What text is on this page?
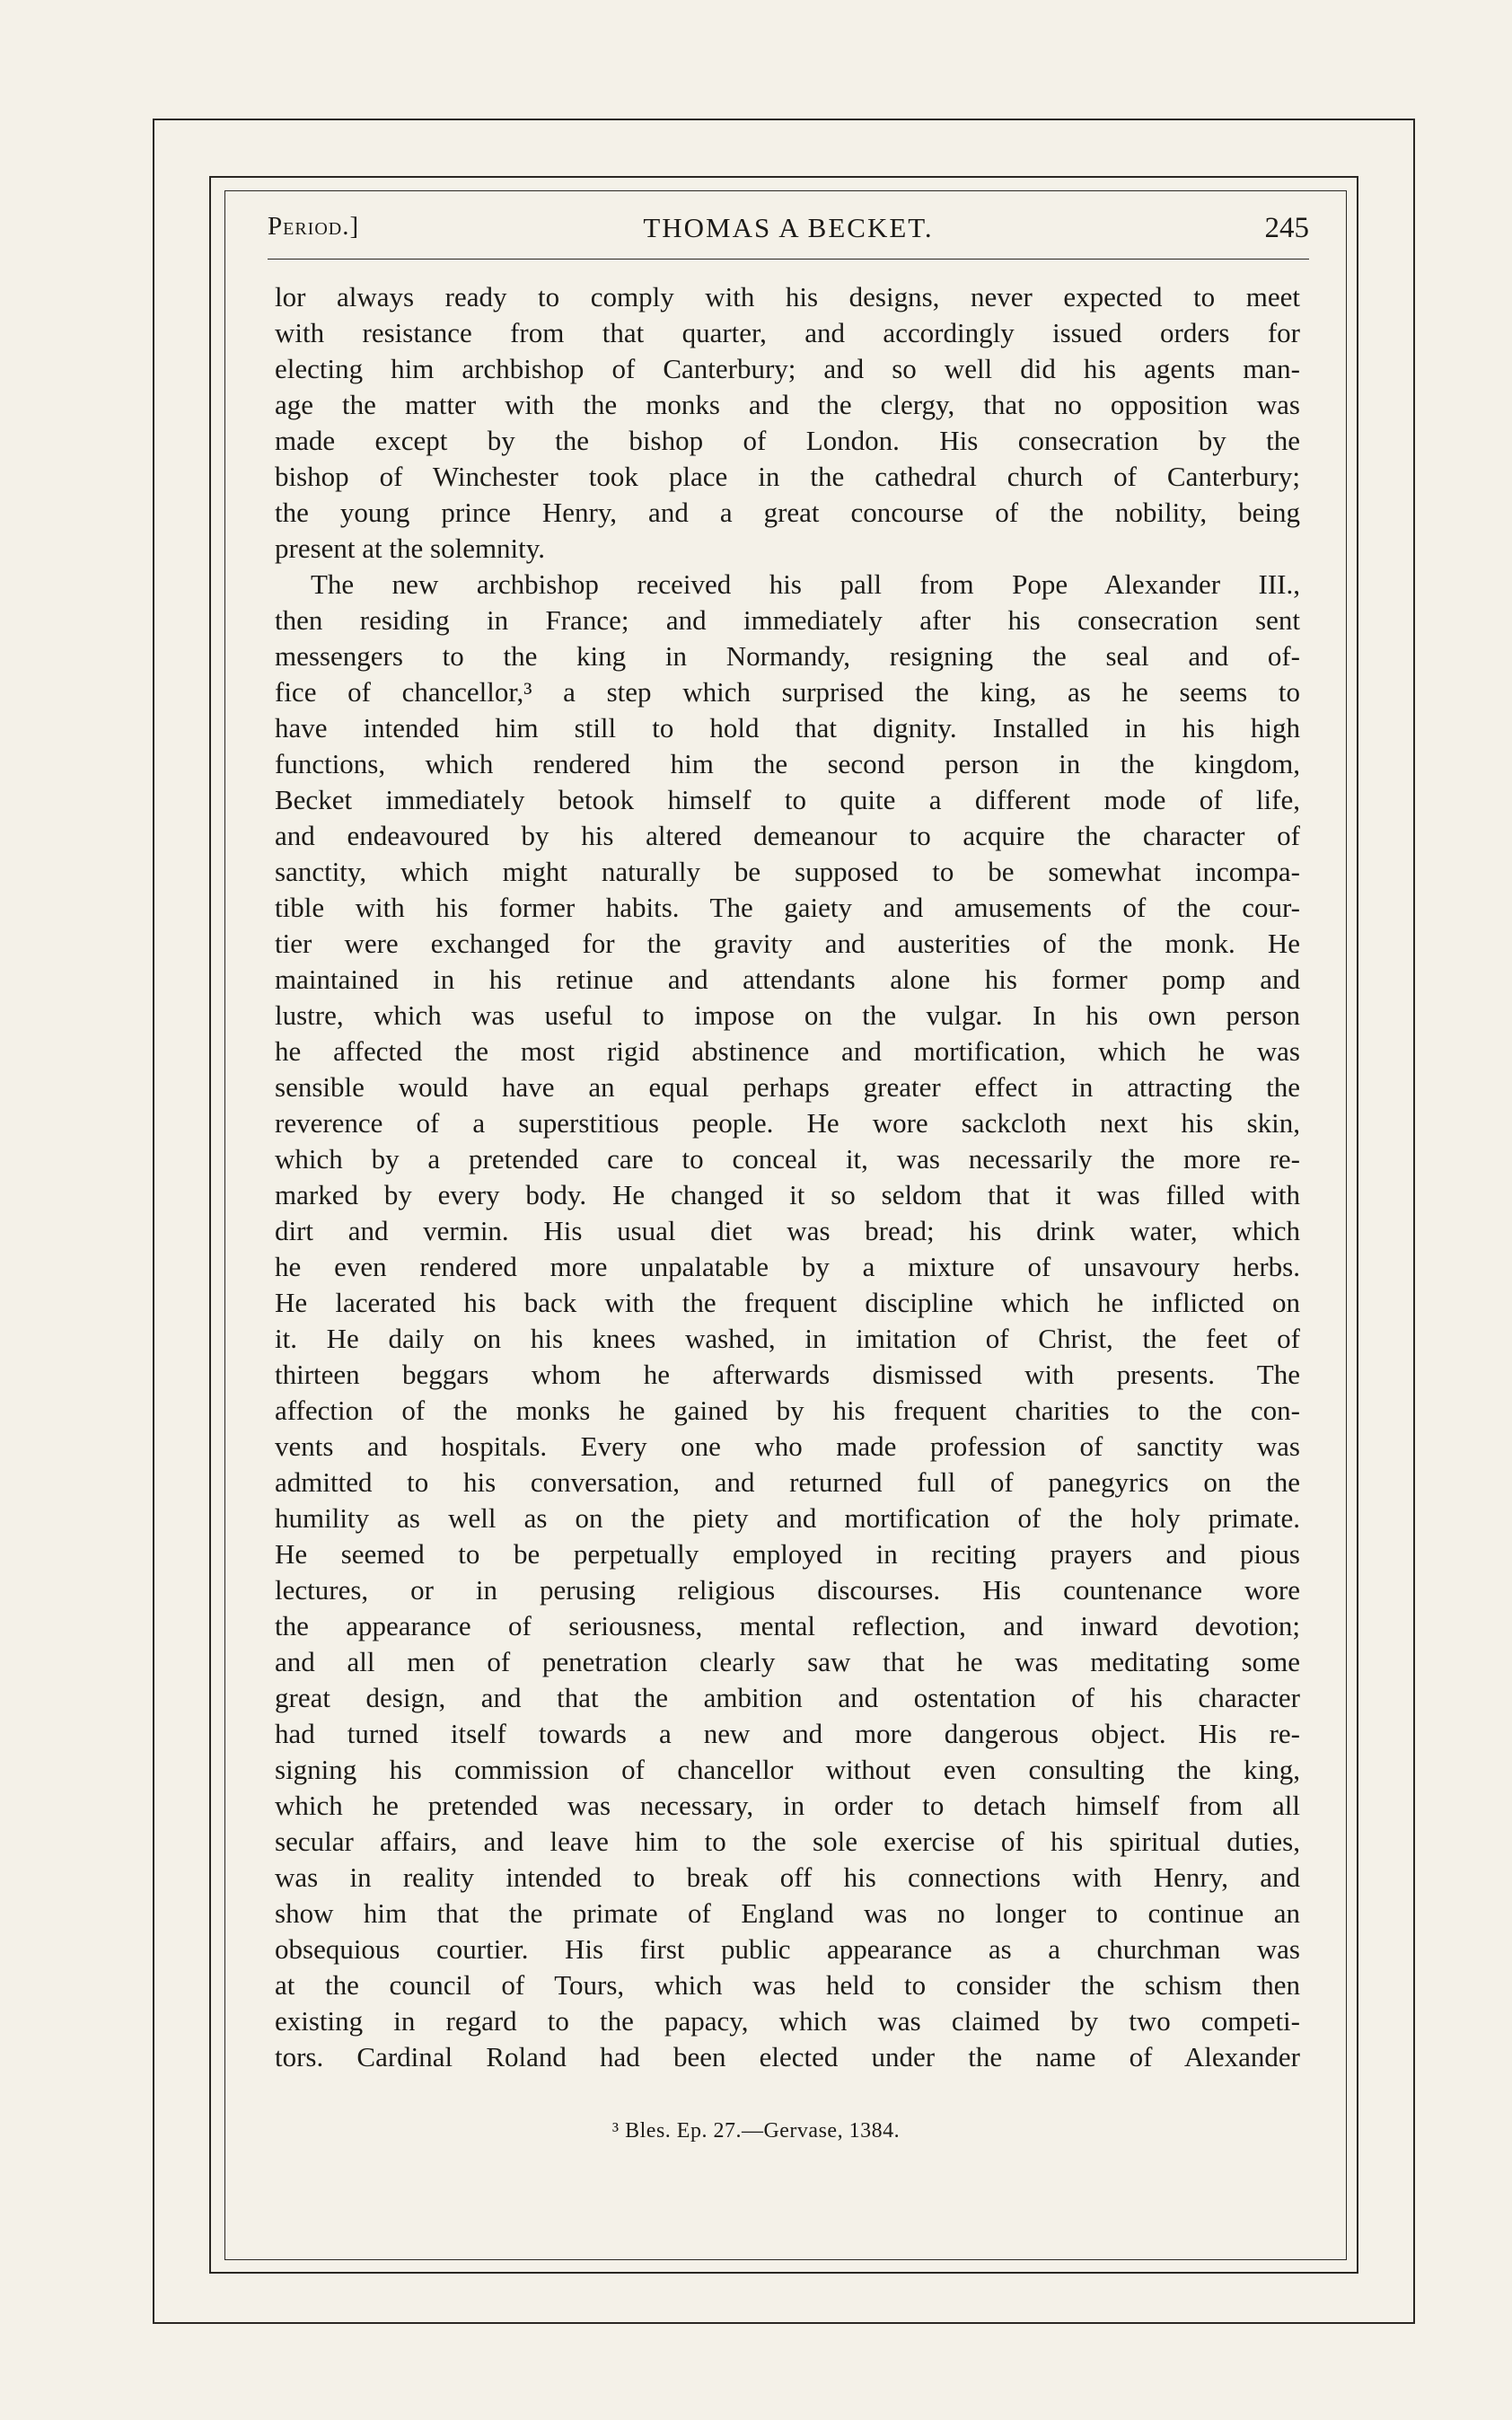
Period.]	THOMAS A BECKET.	245
lor always ready to comply with his designs, never expected to meet
with resistance from that quarter, and accordingly issued orders for
electing him archbishop of Canterbury; and so well did his agents man-
age the matter with the monks and the clergy, that no opposition was
made except by the bishop of London. His consecration by the
bishop of Winchester took place in the cathedral church of Canterbury;
the young prince Henry, and a great concourse of the nobility, being
present at the solemnity.
The new archbishop received his pall from Pope Alexander III.,
then residing in France; and immediately after his consecration sent
messengers to the king in Normandy, resigning the seal and of-
fice of chancellor,³ a step which surprised the king, as he seems to
have intended him still to hold that dignity. Installed in his high
functions, which rendered him the second person in the kingdom,
Becket immediately betook himself to quite a different mode of life,
and endeavoured by his altered demeanour to acquire the character of
sanctity, which might naturally be supposed to be somewhat incompa-
tible with his former habits. The gaiety and amusements of the cour-
tier were exchanged for the gravity and austerities of the monk. He
maintained in his retinue and attendants alone his former pomp and
lustre, which was useful to impose on the vulgar. In his own person
he affected the most rigid abstinence and mortification, which he was
sensible would have an equal perhaps greater effect in attracting the
reverence of a superstitious people. He wore sackcloth next his skin,
which by a pretended care to conceal it, was necessarily the more re-
marked by every body. He changed it so seldom that it was filled with
dirt and vermin. His usual diet was bread; his drink water, which
he even rendered more unpalatable by a mixture of unsavoury herbs.
He lacerated his back with the frequent discipline which he inflicted on
it. He daily on his knees washed, in imitation of Christ, the feet of
thirteen beggars whom he afterwards dismissed with presents. The
affection of the monks he gained by his frequent charities to the con-
vents and hospitals. Every one who made profession of sanctity was
admitted to his conversation, and returned full of panegyrics on the
humility as well as on the piety and mortification of the holy primate.
He seemed to be perpetually employed in reciting prayers and pious
lectures, or in perusing religious discourses. His countenance wore
the appearance of seriousness, mental reflection, and inward devotion;
and all men of penetration clearly saw that he was meditating some
great design, and that the ambition and ostentation of his character
had turned itself towards a new and more dangerous object. His re-
signing his commission of chancellor without even consulting the king,
which he pretended was necessary, in order to detach himself from all
secular affairs, and leave him to the sole exercise of his spiritual duties,
was in reality intended to break off his connections with Henry, and
show him that the primate of England was no longer to continue an
obsequious courtier. His first public appearance as a churchman was
at the council of Tours, which was held to consider the schism then
existing in regard to the papacy, which was claimed by two competi-
tors. Cardinal Roland had been elected under the name of Alexander
³ Bles. Ep. 27.—Gervase, 1384.
